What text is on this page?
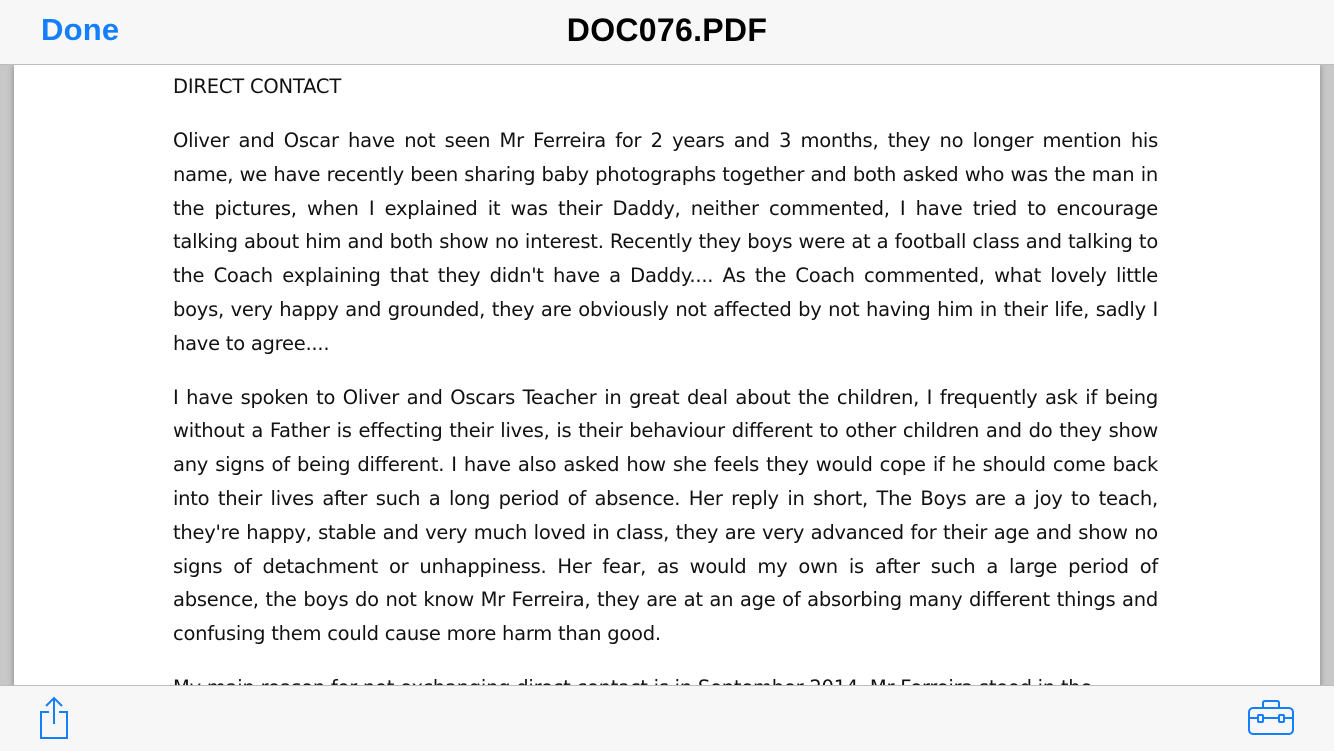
Done	DOC076.PDF
DIRECT CONTACT

Oliver and Oscar have not seen Mr Ferreira for 2 years and 3 months, they no longer mention his name, we have recently been sharing baby photographs together and both asked who was the man in the pictures, when I explained it was their Daddy, neither commented, I have tried to encourage talking about him and both show no interest. Recently they boys were at a football class and talking to the Coach explaining that they didn't have a Daddy.... As the Coach commented, what lovely little boys, very happy and grounded, they are obviously not affected by not having him in their life, sadly I have to agree....

I have spoken to Oliver and Oscars Teacher in great deal about the children, I frequently ask if being without a Father is effecting their lives, is their behaviour different to other children and do they show any signs of being different. I have also asked how she feels they would cope if he should come back into their lives after such a long period of absence. Her reply in short, The Boys are a joy to teach, they're happy, stable and very much loved in class, they are very advanced for their age and show no signs of detachment or unhappiness. Her fear, as would my own is after such a large period of absence, the boys do not know Mr Ferreira, they are at an age of absorbing many different things and confusing them could cause more harm than good.
